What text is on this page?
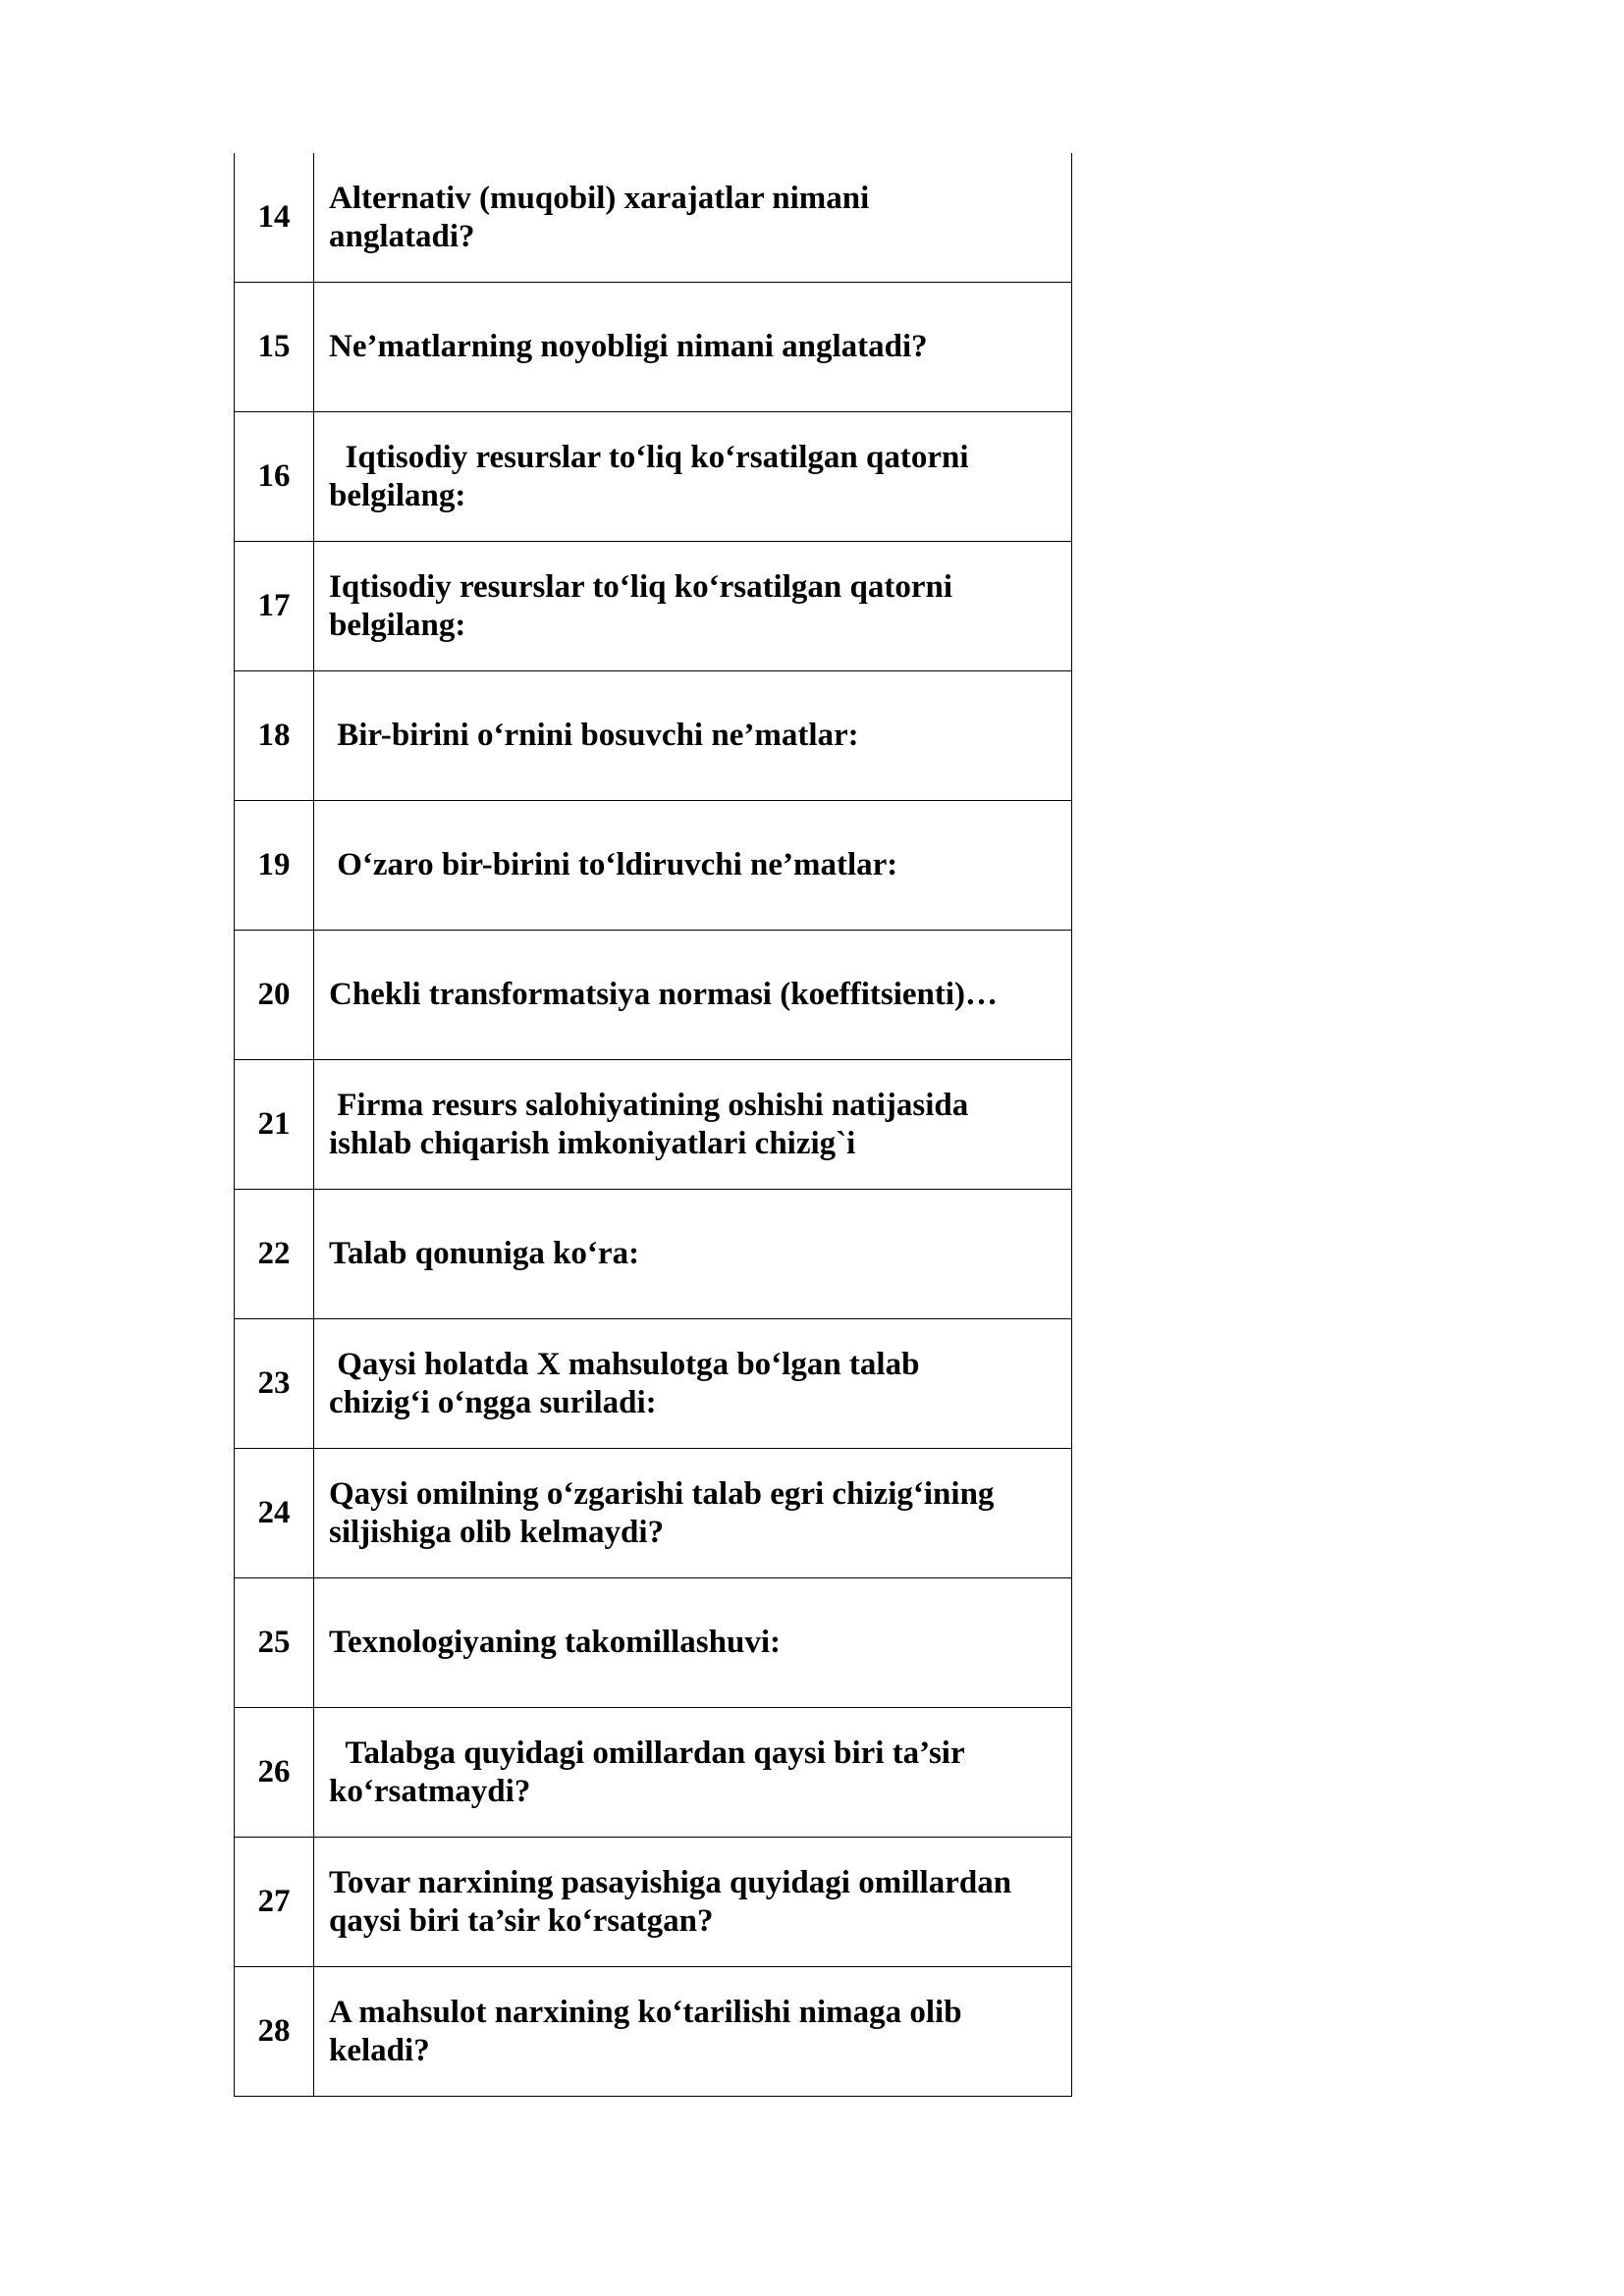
14	Alternativ (muqobil) xarajatlar nimani
anglatadi?
15	Ne’matlarning noyobligi nimani anglatadi?
16	Iqtisodiy resurslar to‘liq ko‘rsatilgan qatorni
belgilang:
17	Iqtisodiy resurslar to‘liq ko‘rsatilgan qatorni
belgilang:
18	Bir-birini o‘rnini bosuvchi ne’matlar:
19	O‘zaro bir-birini to‘ldiruvchi ne’matlar:
20	Chekli transformatsiya normasi (koeffitsienti)…
21	Firma resurs salohiyatining oshishi natijasida
ishlab chiqarish imkoniyatlari chizig`i
22	Talab qonuniga ko‘ra:
23	Qaysi holatda X mahsulotga bo‘lgan talab
chizig‘i o‘ngga suriladi:
24	Qaysi omilning o‘zgarishi talab egri chizig‘ining
siljishiga olib kelmaydi?
25	Texnologiyaning takomillashuvi:
26	Talabga quyidagi omillardan qaysi biri ta’sir
ko‘rsatmaydi?
27	Tovar narxining pasayishiga quyidagi omillardan
qaysi biri ta’sir ko‘rsatgan?
28	A mahsulot narxining ko‘tarilishi nimaga olib
keladi?
